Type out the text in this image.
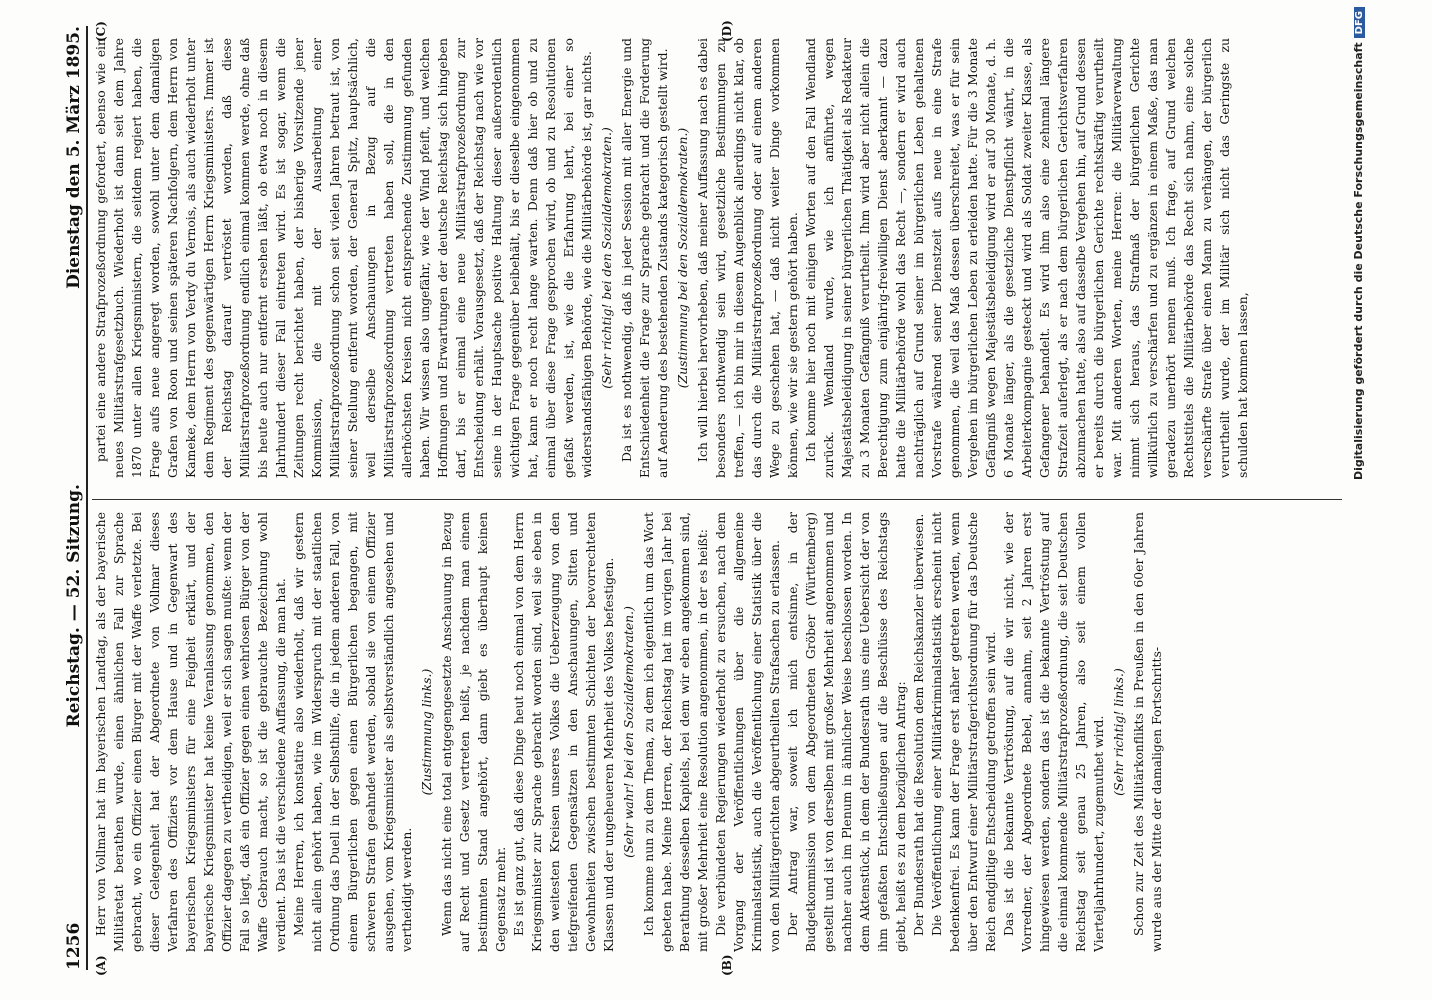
1256
Reichstag. — 52. Sitzung.
Dienstag den 5. März 1895.
(A)	(B)
(C)	(D)

Herr von Vollmar hat im bayerischen Landtag, als der bayerische Militäretat berathen wurde, einen ähnlichen Fall zur Sprache gebracht, wo ein Offizier einen Bürger mit der Waffe verletzte. Bei dieser Gelegenheit hat der Abgeordnete von Vollmar dieses Verfahren des Offiziers vor dem Hause und in Gegenwart des bayerischen Kriegsministers für eine Feigheit erklärt, und der bayerische Kriegsminister hat keine Veranlassung genommen, den Offizier dagegen zu vertheidigen, weil er sich sagen mußte: wenn der Fall so liegt, daß ein Offizier gegen einen wehrlosen Bürger von der Waffe Gebrauch macht, so ist die gebrauchte Bezeichnung wohl verdient. Das ist die verschiedene Auffassung, die man hat. Meine Herren, ich konstatire also wiederholt, daß wir gestern nicht allein gehört haben, wie im Widerspruch mit der staatlichen Ordnung das Duell in der Selbsthilfe, die in jedem anderen Fall, von einem Bürgerlichen gegen einen Bürgerlichen begangen, mit schweren Strafen geahndet werden, sobald sie von einem Offizier ausgehen, vom Kriegsminister als selbstverständlich angesehen und vertheidigt werden.

(Zustimmung links.) Wenn das nicht eine total entgegengesetzte Anschauung in Bezug auf Recht und Gesetz vertreten heißt, je nachdem man einem bestimmten Stand angehört, dann giebt es überhaupt keinen Gegensatz mehr. Es ist ganz gut, daß diese Dinge heut noch einmal von dem Herrn Kriegsminister zur Sprache gebracht worden sind, weil sie eben in den weitesten Kreisen unseres Volkes die Ueberzeugung von den tiefgreifenden Gegensätzen in den Anschauungen, Sitten und Gewohnheiten zwischen bestimmten Schichten der bevorrechteten Klassen und der ungeheueren Mehrheit des Volkes befestigen. (Sehr wahr! bei den Sozialdemokraten.) Ich komme nun zu dem Thema, zu dem ich eigentlich um das Wort gebeten habe. Meine Herren, der Reichstag hat im vorigen Jahr bei Berathung desselben Kapitels, bei dem wir eben angekommen sind, mit großer Mehrheit eine Resolution angenommen, in der es heißt: Die verbündeten Regierungen wiederholt zu ersuchen, nach dem Vorgang der Veröffentlichungen über die allgemeine Kriminalstatistik, auch die Veröffentlichung einer Statistik über die von den Militärgerichten abgeurtheilten Strafsachen zu erlassen. Der Antrag war, soweit ich mich entsinne, in der Budgetkommission von dem Abgeordneten Gröber (Württemberg) gestellt und ist von derselben mit großer Mehrheit angenommen und nachher auch im Plenum in ähnlicher Weise beschlossen worden. In dem Aktenstück, in dem der Bundesrath uns eine Uebersicht der von ihm gefaßten Entschließungen auf die Beschlüsse des Reichstags giebt, heißt es zu dem bezüglichen Antrag: Der Bundesrath hat die Resolution dem Reichskanzler überwiesen. Die Veröffentlichung einer Militärkriminalstatistik erscheint nicht bedenkenfrei. Es kann der Frage erst näher getreten werden, wenn über den Entwurf einer Militärstrafgerichtsordnung für das Deutsche Reich endgiltige Entscheidung getroffen sein wird. Das ist die bekannte Vertröstung, auf die wir nicht, wie der Vorredner, der Abgeordnete Bebel, annahm, seit 2 Jahren erst hingewiesen werden, sondern das ist die bekannte Vertröstung auf die einmal kommende Militärstrafprozeßordnung, die seit Deutschen Reichstag seit genau 25 Jahren, also seit einem vollen Vierteljahrhundert, zugemuthet wird. (Sehr richtig! links.) Schon zur Zeit des Militärkonflikts in Preußen in den 60er Jahren wurde aus der Mitte der damaligen Fortschritts-

partei eine andere Strafprozeßordnung gefordert, ebenso wie ein neues Militärstrafgesetzbuch. Wiederholt ist dann seit dem Jahre 1870 unter allen Kriegsministern, die seitdem regiert haben, die Frage aufs neue angeregt worden, sowohl unter dem damaligen Grafen von Roon und seinen späteren Nachfolgern, dem Herrn von Kameke, dem Herrn von Verdy du Vernois, als auch wiederholt unter dem Regiment des gegenwärtigen Herrn Kriegsministers. Immer ist der Reichstag darauf vertröstet worden, daß diese Militärstrafprozeßordnung endlich einmal kommen werde, ohne daß bis heute auch nur entfernt ersehen läßt, ob etwa noch in diesem Jahrhundert dieser Fall eintreten wird. Es ist sogar, wenn die Zeitungen recht berichtet haben, der bisherige Vorsitzende jener Kommission, die mit der Ausarbeitung einer Militärstrafprozeßordnung schon seit vielen Jahren betraut ist, von seiner Stellung entfernt worden, der General Spitz, hauptsächlich, weil derselbe Anschauungen in Bezug auf die Militärstrafprozeßordnung vertreten haben soll, die in den allerhöchsten Kreisen nicht entsprechende Zustimmung gefunden haben. Wir wissen also ungefähr, wie der Wind pfeift, und welchen Hoffnungen und Erwartungen der deutsche Reichstag sich hingeben darf, bis er einmal eine neue Militärstrafprozeßordnung zur Entscheidung erhält. Vorausgesetzt, daß der Reichstag nach wie vor seine in der Hauptsache positive Haltung dieser außerordentlich wichtigen Frage gegenüber beibehält, bis er dieselbe eingenommen hat, kann er noch recht lange warten. Denn daß hier ob und zu einmal über diese Frage gesprochen wird, ob und zu Resolutionen gefaßt werden, ist, wie die Erfahrung lehrt, bei einer so widerstandsfähigen Behörde, wie die Militärbehörde ist, gar nichts. (Sehr richtig! bei den Sozialdemokraten.) Da ist es nothwendig, daß in jeder Session mit aller Energie und Entschiedenheit die Frage zur Sprache gebracht und die Forderung auf Aenderung des bestehenden Zustands kategorisch gestellt wird. (Zustimmung bei den Sozialdemokraten.) Ich will hierbei hervorheben, daß meiner Auffassung nach es dabei besonders nothwendig sein wird, gesetzliche Bestimmungen zu treffen, — ich bin mir in diesem Augenblick allerdings nicht klar, ob das durch die Militärstrafprozeßordnung oder auf einem anderen Wege zu geschehen hat, — daß nicht weiter Dinge vorkommen können, wie wir sie gestern gehört haben. Ich komme hier noch mit einigen Worten auf den Fall Wendland zurück. Wendland wurde, wie ich anführte, wegen Majestätsbeleidigung in seiner bürgerlichen Thätigkeit als Redakteur zu 3 Monaten Gefängniß verurtheilt. Ihm wird aber nicht allein die Berechtigung zum einjährig-freiwilligen Dienst aberkannt — dazu hatte die Militärbehörde wohl das Recht —, sondern er wird auch nachträglich auf Grund seiner im bürgerlichen Leben gehaltenen Vorstrafe während seiner Dienstzeit aufs neue in eine Strafe genommen, die weil das Maß dessen überschreitet, was er für sein Vergehen im bürgerlichen Leben zu erleiden hatte. Für die 3 Monate Gefängniß wegen Majestätsbeleidigung wird er auf 30 Monate, d. h. 6 Monate länger, als die gesetzliche Dienstpflicht währt, in die Arbeiterkompagnie gesteckt und wird als Soldat zweiter Klasse, als Gefangener behandelt. Es wird ihm also eine zehnmal längere Strafzeit auferlegt, als er nach dem bürgerlichen Gerichtsverfahren abzumachen hatte, also auf dasselbe Vergehen hin, auf Grund dessen er bereits durch die bürgerlichen Gerichte rechtskräftig verurtheilt war. Mit anderen Worten, meine Herren: die Militärverwaltung nimmt sich heraus, das Strafmaß der bürgerlichen Gerichte willkürlich zu verschärfen und zu ergänzen in einem Maße, das man geradezu unerhört nennen muß. Ich frage, auf Grund welchen Rechtstitels die Militärbehörde das Recht sich nahm, eine solche verschärfte Strafe über einen Mann zu verhängen, der bürgerlich verurtheilt wurde, der im Militär sich nicht das Geringste zu schulden hat kommen lassen,	Digitalisierung gefördert durch die Deutsche ForschungsgemeinschaftDFG
